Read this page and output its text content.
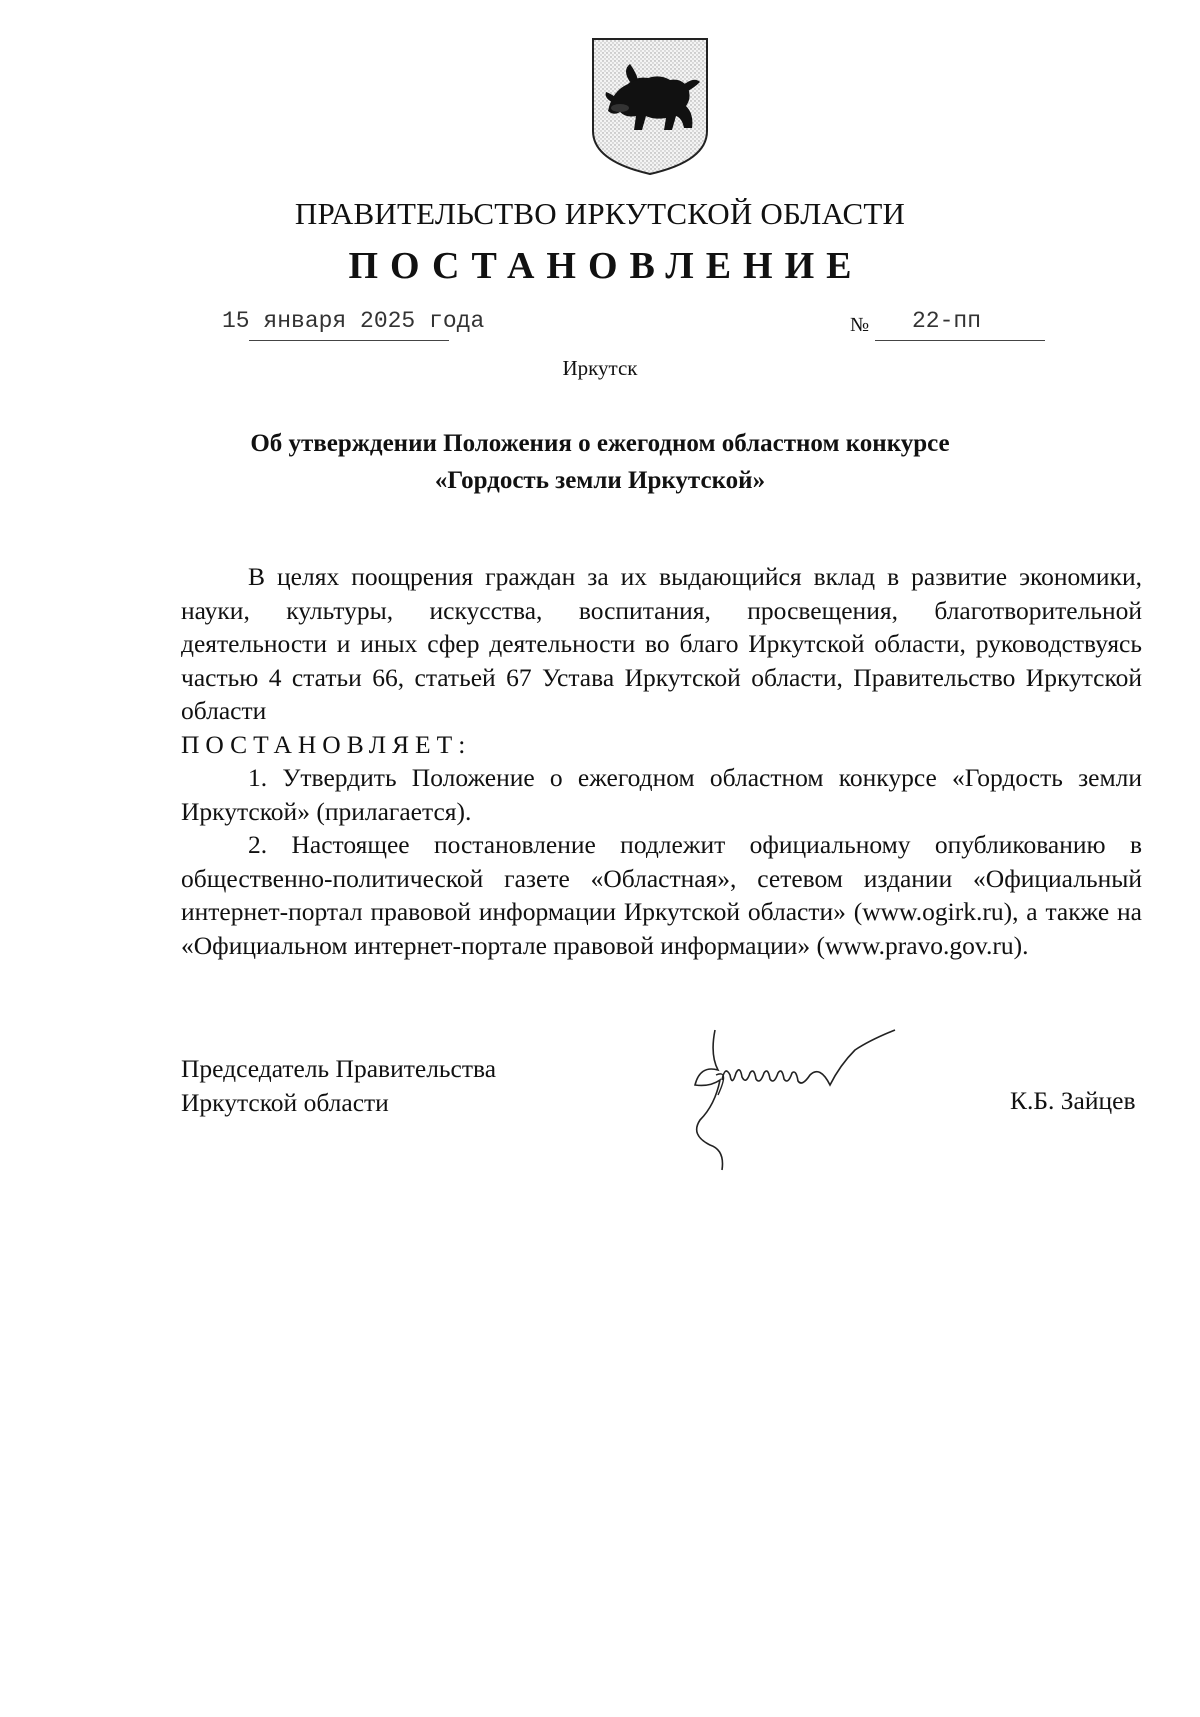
ПРАВИТЕЛЬСТВО ИРКУТСКОЙ ОБЛАСТИ
ПОСТАНОВЛЕНИЕ
15 января 2025 года	№ 22-пп
Иркутск
Об утверждении Положения о ежегодном областном конкурсе
«Гордость земли Иркутской»

В целях поощрения граждан за их выдающийся вклад в развитие экономики, науки, культуры, искусства, воспитания, просвещения, благотворительной деятельности и иных сфер деятельности во благо Иркутской области, руководствуясь частью 4 статьи 66, статьей 67 Устава Иркутской области, Правительство Иркутской области

ПОСТАНОВЛЯЕТ:

1. Утвердить Положение о ежегодном областном конкурсе «Гордость земли Иркутской» (прилагается).

2. Настоящее постановление подлежит официальному опубликованию в общественно-политической газете «Областная», сетевом издании «Официальный интернет-портал правовой информации Иркутской области» (www.ogirk.ru), а также на «Официальном интернет-портале правовой информации» (www.pravo.gov.ru).

Председатель Правительства
Иркутской области	К.Б. Зайцев
